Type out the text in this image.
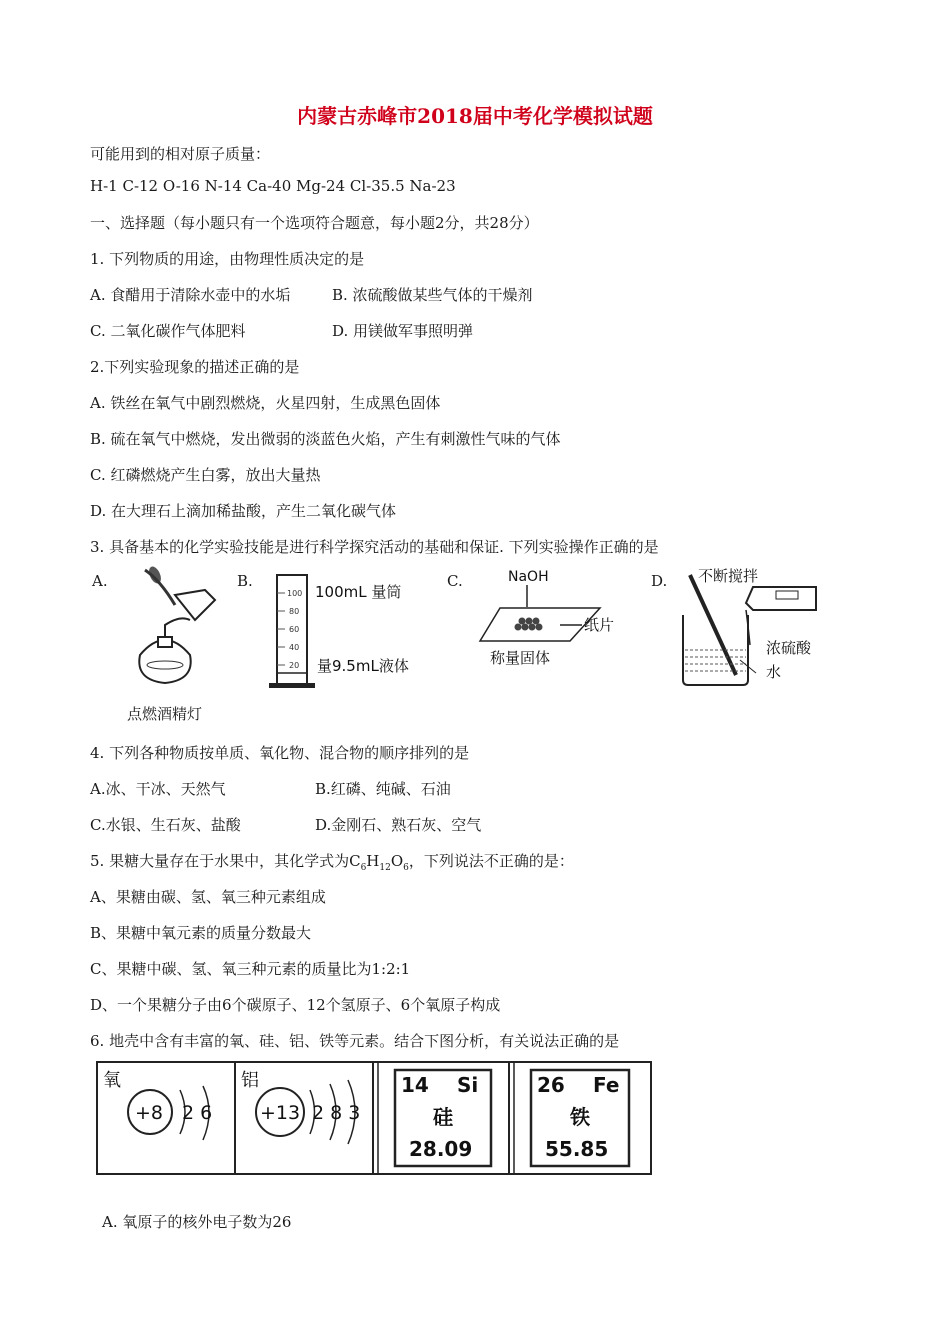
内蒙古赤峰市2018届中考化学模拟试题
可能用到的相对原子质量：
H-1 C-12 O-16 N-14 Ca-40 Mg-24 Cl-35.5 Na-23
一、选择题（每小题只有一个选项符合题意，每小题2分，共28分）
1. 下列物质的用途，由物理性质决定的是
A. 食醋用于清除水壶中的水垢	B. 浓硫酸做某些气体的干燥剂
C. 二氧化碳作气体肥料	D. 用镁做军事照明弹
2.下列实验现象的描述正确的是
A. 铁丝在氧气中剧烈燃烧，火星四射，生成黑色固体
B. 硫在氧气中燃烧，发出微弱的淡蓝色火焰，产生有刺激性气味的气体
C. 红磷燃烧产生白雾，放出大量热
D. 在大理石上滴加稀盐酸，产生二氧化碳气体
3. 具备基本的化学实验技能是进行科学探究活动的基础和保证. 下列实验操作正确的是
A.
点燃酒精灯
B.
100
80
60
40
20
100mL 量筒
量9.5mL液体
C.	NaOH
纸片
称量固体
D. 不断搅拌
浓硫酸
水
4. 下列各种物质按单质、氧化物、混合物的顺序排列的是
A.冰、干冰、天然气	B.红磷、纯碱、石油
C.水银、生石灰、盐酸	D.金刚石、熟石灰、空气
5. 果糖大量存在于水果中，其化学式为$C_6H_{12}O_6$，下列说法不正确的是：
A、果糖由碳、氢、氧三种元素组成
B、果糖中氧元素的质量分数最大
C、果糖中碳、氢、氧三种元素的质量比为1:2:1
D、一个果糖分子由6个碳原子、12个氢原子、6个氧原子构成
6. 地壳中含有丰富的氧、硅、铝、铁等元素。结合下图分析，有关说法正确的是
氧
+8 2 6
铝
+13 2 8 3
14 Si
硅
28.09
26 Fe
铁
55.85
A. 氧原子的核外电子数为26
